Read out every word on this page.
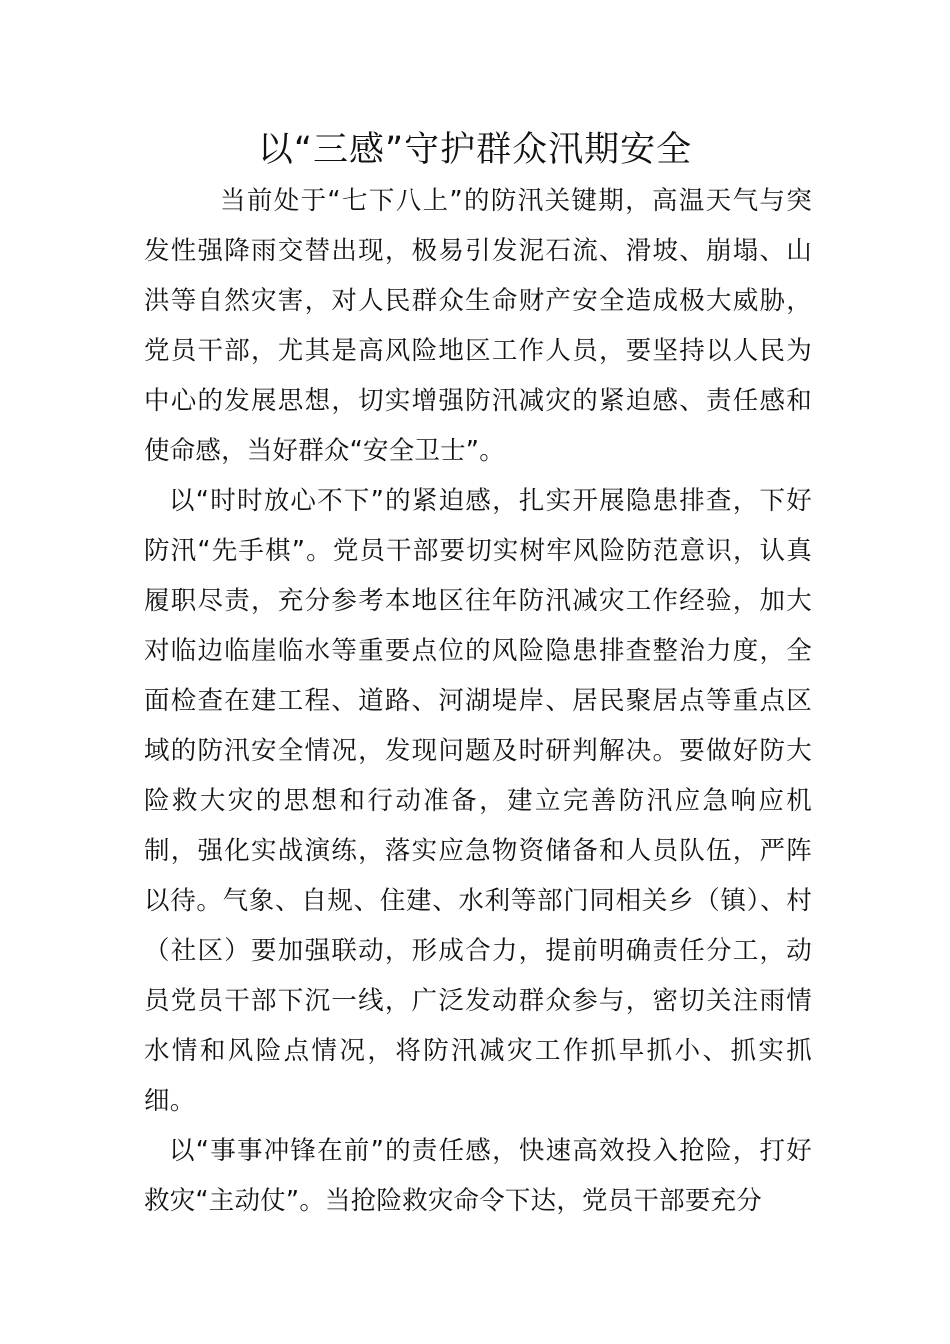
以“三感”守护群众汛期安全

当前处于“七下八上”的防汛关键期，高温天气与突发性强降雨交替出现，极易引发泥石流、滑坡、崩塌、山洪等自然灾害，对人民群众生命财产安全造成极大威胁，党员干部，尤其是高风险地区工作人员，要坚持以人民为中心的发展思想，切实增强防汛减灾的紧迫感、责任感和使命感，当好群众“安全卫士”。

以“时时放心不下”的紧迫感，扎实开展隐患排查，下好防汛“先手棋”。党员干部要切实树牢风险防范意识，认真履职尽责，充分参考本地区往年防汛减灾工作经验，加大对临边临崖临水等重要点位的风险隐患排查整治力度，全面检查在建工程、道路、河湖堤岸、居民聚居点等重点区域的防汛安全情况，发现问题及时研判解决。要做好防大险救大灾的思想和行动准备，建立完善防汛应急响应机制，强化实战演练，落实应急物资储备和人员队伍，严阵以待。气象、自规、住建、水利等部门同相关乡（镇）、村（社区）要加强联动，形成合力，提前明确责任分工，动员党员干部下沉一线，广泛发动群众参与，密切关注雨情水情和风险点情况，将防汛减灾工作抓早抓小、抓实抓细。

以“事事冲锋在前”的责任感，快速高效投入抢险，打好救灾“主动仗”。当抢险救灾命令下达，党员干部要充分
